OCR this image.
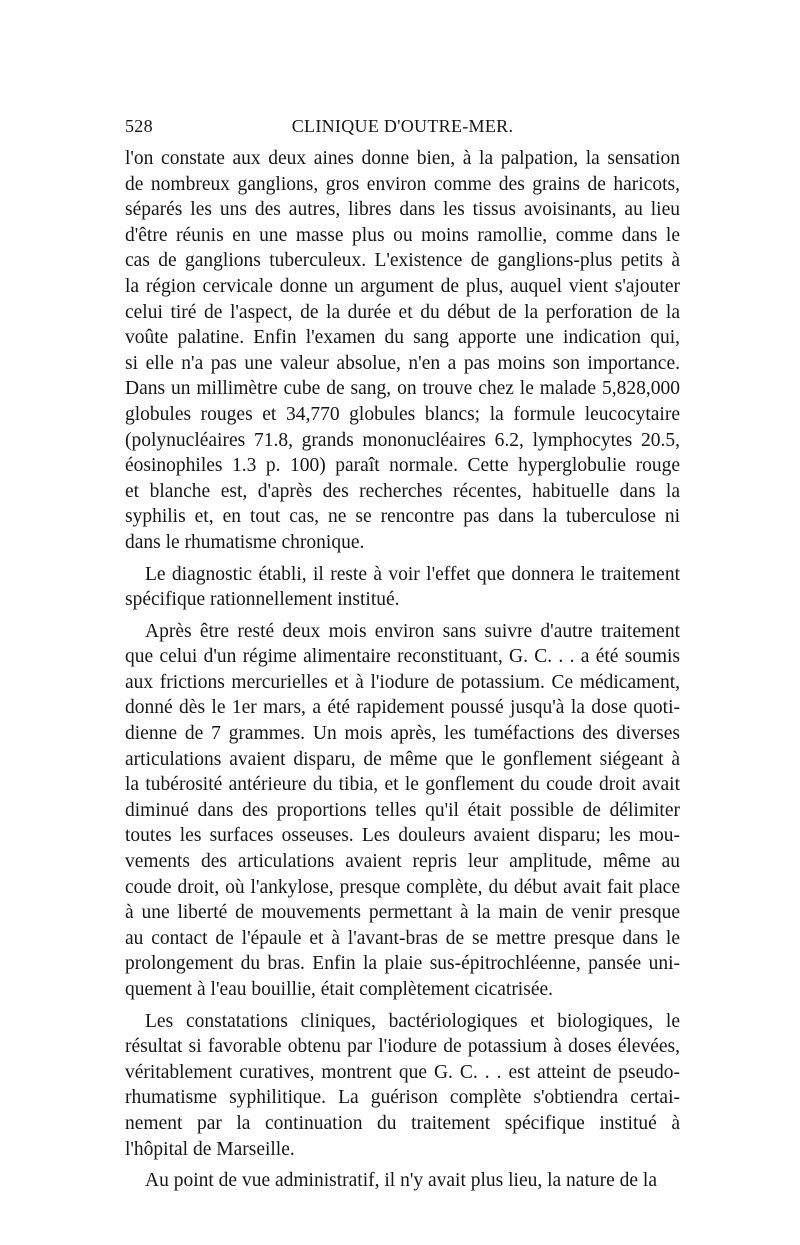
528	CLINIQUE D'OUTRE-MER.
l'on constate aux deux aines donne bien, à la palpation, la sensation
de nombreux ganglions, gros environ comme des grains de haricots,
séparés les uns des autres, libres dans les tissus avoisinants, au lieu
d'être réunis en une masse plus ou moins ramollie, comme dans le
cas de ganglions tuberculeux. L'existence de ganglions-plus petits à
la région cervicale donne un argument de plus, auquel vient s'ajouter
celui tiré de l'aspect, de la durée et du début de la perforation de la
voûte palatine. Enfin l'examen du sang apporte une indication qui,
si elle n'a pas une valeur absolue, n'en a pas moins son importance.
Dans un millimètre cube de sang, on trouve chez le malade 5,828,000
globules rouges et 34,770 globules blancs; la formule leucocytaire
(polynucléaires 71.8, grands mononucléaires 6.2, lymphocytes 20.5,
éosinophiles 1.3 p. 100) paraît normale. Cette hyperglobulie rouge
et blanche est, d'après des recherches récentes, habituelle dans la
syphilis et, en tout cas, ne se rencontre pas dans la tuberculose ni
dans le rhumatisme chronique.
Le diagnostic établi, il reste à voir l'effet que donnera le traitement
spécifique rationnellement institué.
Après être resté deux mois environ sans suivre d'autre traitement
que celui d'un régime alimentaire reconstituant, G. C. . . a été soumis
aux frictions mercurielles et à l'iodure de potassium. Ce médicament,
donné dès le 1er mars, a été rapidement poussé jusqu'à la dose quoti-
dienne de 7 grammes. Un mois après, les tuméfactions des diverses
articulations avaient disparu, de même que le gonflement siégeant à
la tubérosité antérieure du tibia, et le gonflement du coude droit avait
diminué dans des proportions telles qu'il était possible de délimiter
toutes les surfaces osseuses. Les douleurs avaient disparu; les mou-
vements des articulations avaient repris leur amplitude, même au
coude droit, où l'ankylose, presque complète, du début avait fait place
à une liberté de mouvements permettant à la main de venir presque
au contact de l'épaule et à l'avant-bras de se mettre presque dans le
prolongement du bras. Enfin la plaie sus-épitrochléenne, pansée uni-
quement à l'eau bouillie, était complètement cicatrisée.
Les constatations cliniques, bactériologiques et biologiques, le
résultat si favorable obtenu par l'iodure de potassium à doses élevées,
véritablement curatives, montrent que G. C. . . est atteint de pseudo-
rhumatisme syphilitique. La guérison complète s'obtiendra certai-
nement par la continuation du traitement spécifique institué à
l'hôpital de Marseille.
Au point de vue administratif, il n'y avait plus lieu, la nature de la
